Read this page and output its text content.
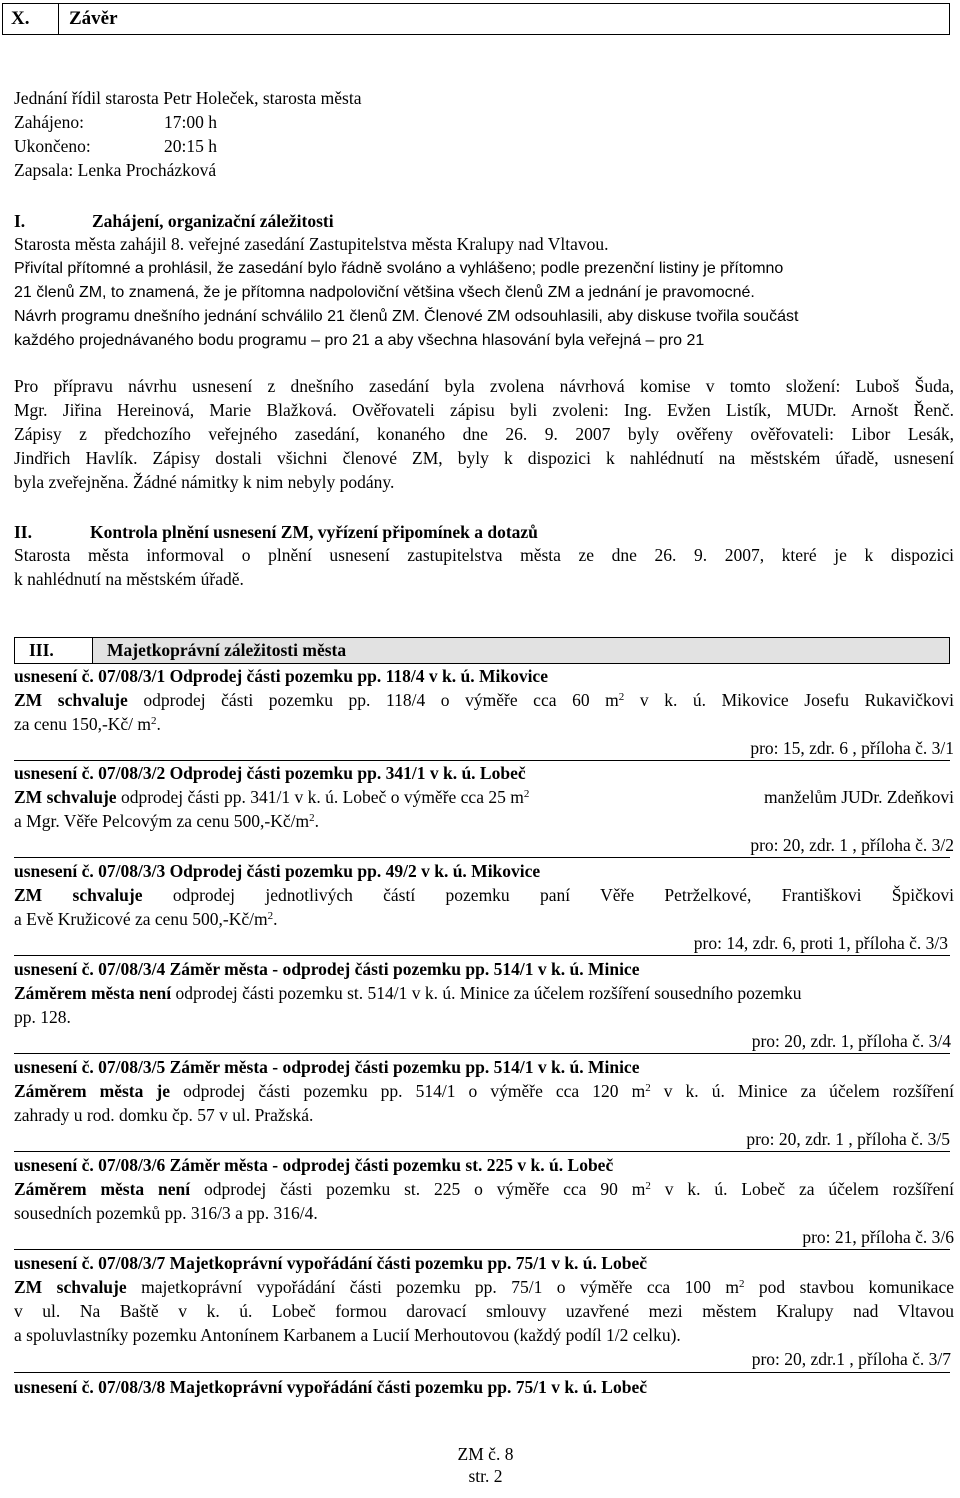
X.	Závěr
Jednání řídil starosta Petr Holeček, starosta města
Zahájeno:	17:00 h
Ukončeno:	20:15 h
Zapsala: Lenka Procházková
I.	Zahájení, organizační záležitosti
Starosta města zahájil 8. veřejné zasedání Zastupitelstva města Kralupy nad Vltavou.
Přivítal přítomné a prohlásil, že zasedání bylo řádně svoláno a vyhlášeno; podle prezenční listiny je přítomno
21 členů ZM, to znamená, že je přítomna nadpoloviční většina všech členů ZM a jednání je pravomocné.
Návrh programu dnešního jednání schválilo 21 členů ZM. Členové ZM odsouhlasili, aby diskuse tvořila součást
každého projednávaného bodu programu – pro 21 a aby všechna hlasování byla veřejná – pro 21
Pro přípravu návrhu usnesení z dnešního zasedání byla zvolena návrhová komise v tomto složení: Luboš Šuda,
Mgr. Jiřina Hereinová, Marie Blažková. Ověřovateli zápisu byli zvoleni: Ing. Evžen Listík, MUDr. Arnošt Řenč.
Zápisy z předchozího veřejného zasedání, konaného dne 26. 9. 2007 byly ověřeny ověřovateli: Libor Lesák,
Jindřich Havlík. Zápisy dostali všichni členové ZM, byly k dispozici k nahlédnutí na městském úřadě, usnesení
byla zveřejněna. Žádné námitky k nim nebyly podány.
II.	Kontrola plnění usnesení ZM, vyřízení připomínek a dotazů
Starosta města informoval o plnění usnesení zastupitelstva města ze dne 26. 9. 2007, které je k dispozici
k nahlédnutí na městském úřadě.
III.	Majetkoprávní záležitosti města
usnesení č. 07/08/3/1 Odprodej části pozemku pp. 118/4 v k. ú. Mikovice
ZM schvaluje odprodej části pozemku pp. 118/4 o výměře cca 60 $m^2$ v k. ú. Mikovice Josefu Rukavičkovi
za cenu 150,-Kč/ $m^2$.
pro: 15, zdr. 6 , příloha č. 3/1
usnesení č. 07/08/3/2 Odprodej části pozemku pp. 341/1 v k. ú. Lobeč
ZM schvaluje odprodej části pp. 341/1 v k. ú. Lobeč o výměře cca 25 $m^2$	manželům JUDr. Zdeňkovi
a Mgr. Věře Pelcovým za cenu $500,-Kč/m^2$.
pro: 20, zdr. 1 , příloha č. 3/2
usnesení č. 07/08/3/3 Odprodej části pozemku pp. 49/2 v k. ú. Mikovice
ZM schvaluje odprodej jednotlivých částí pozemku paní Věře Petrželkové, Františkovi Špičkovi
a Evě Kružicové za cenu $500,-Kč/m^2$.
pro: 14, zdr. 6, proti 1, příloha č. 3/3
usnesení č. 07/08/3/4 Záměr města - odprodej části pozemku pp. 514/1 v k. ú. Minice
Záměrem města není odprodej části pozemku st. 514/1 v k. ú. Minice za účelem rozšíření sousedního pozemku
pp. 128.
pro: 20, zdr. 1, příloha č. 3/4
usnesení č. 07/08/3/5 Záměr města - odprodej části pozemku pp. 514/1 v k. ú. Minice
Záměrem města je odprodej části pozemku pp. 514/1 o výměře cca 120 $m^2$ v k. ú. Minice za účelem rozšíření
zahrady u rod. domku čp. 57 v ul. Pražská.
pro: 20, zdr. 1 , příloha č. 3/5
usnesení č. 07/08/3/6 Záměr města - odprodej části pozemku st. 225 v k. ú. Lobeč
Záměrem města není odprodej části pozemku st. 225 o výměře cca 90 $m^2$ v k. ú. Lobeč za účelem rozšíření
sousedních pozemků pp. 316/3 a pp. 316/4.
pro: 21, příloha č. 3/6
usnesení č. 07/08/3/7 Majetkoprávní vypořádání části pozemku pp. 75/1 v k. ú. Lobeč
ZM schvaluje majetkoprávní vypořádání části pozemku pp. 75/1 o výměře cca 100 $m^2$ pod stavbou komunikace
v ul. Na Baště v k. ú. Lobeč formou darovací smlouvy uzavřené mezi městem Kralupy nad Vltavou
a spoluvlastníky pozemku Antonínem Karbanem a Lucií Merhoutovou (každý podíl 1/2 celku).
pro: 20, zdr.1 , příloha č. 3/7
usnesení č. 07/08/3/8 Majetkoprávní vypořádání části pozemku pp. 75/1 v k. ú. Lobeč
ZM č. 8
str. 2
